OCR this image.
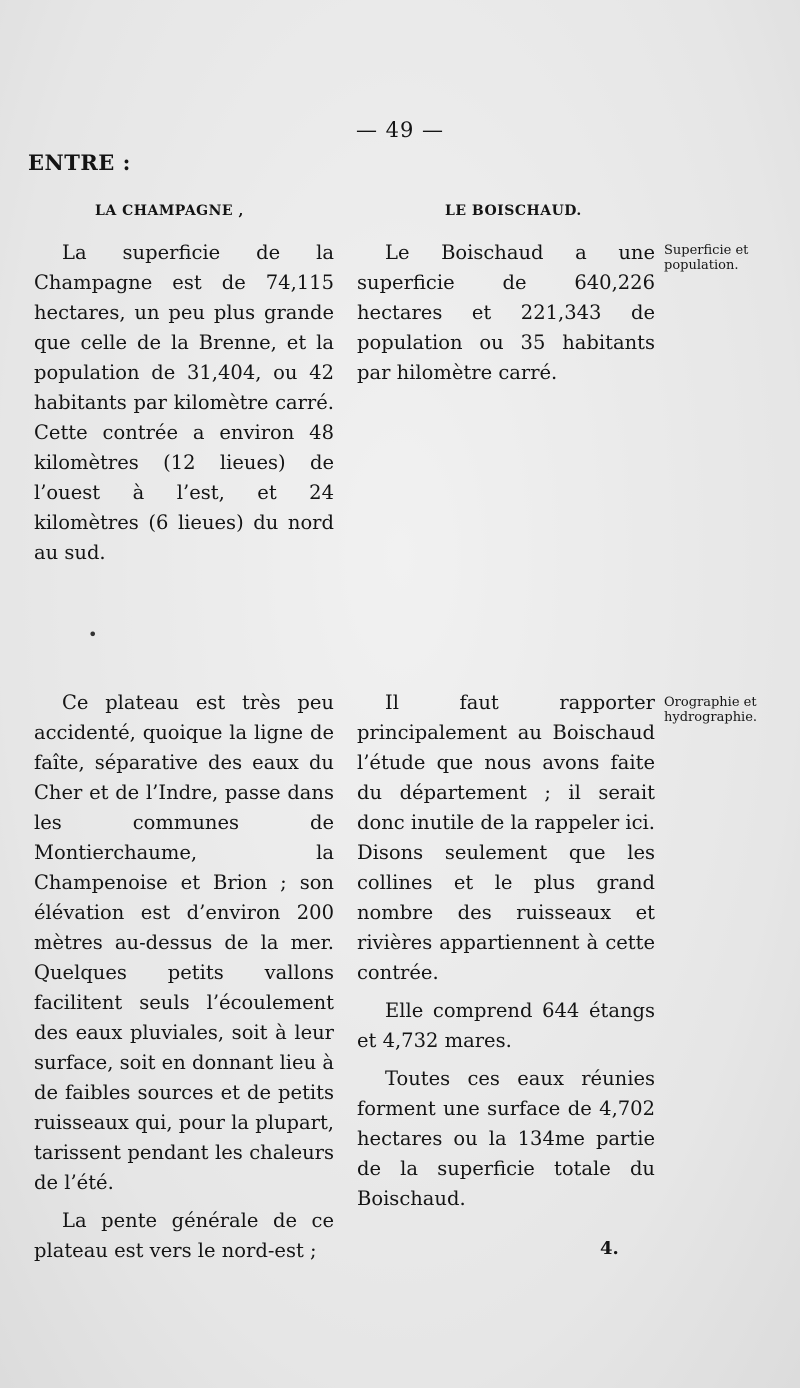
— 49 —
ENTRE :
LA CHAMPAGNE ,	LE BOISCHAUD.

La superficie de la Champagne est de 74,115 hectares, un peu plus grande que celle de la Brenne, et la population de 31,404, ou 42 habitants par kilomètre carré. Cette contrée a environ 48 kilomètres (12 lieues) de l’ouest à l’est, et 24 kilomètres (6 lieues) du nord au sud.

Le Boischaud a une superficie de 640,226 hectares et 221,343 de population ou 35 habitants par hilomètre carré.

Superficie et population.
•

Ce plateau est très peu accidenté, quoique la ligne de faîte, séparative des eaux du Cher et de l’Indre, passe dans les communes de Montierchaume, la Champenoise et Brion ; son élévation est d’environ 200 mètres au-dessus de la mer. Quelques petits vallons facilitent seuls l’écoulement des eaux pluviales, soit à leur surface, soit en donnant lieu à de faibles sources et de petits ruisseaux qui, pour la plupart, tarissent pendant les chaleurs de l’été.

La pente générale de ce plateau est vers le nord-est ;

Il faut rapporter principalement au Boischaud l’étude que nous avons faite du département ; il serait donc inutile de la rappeler ici. Disons seulement que les collines et le plus grand nombre des ruisseaux et rivières appartiennent à cette contrée.

Elle comprend 644 étangs et 4,732 mares.

Toutes ces eaux réunies forment une surface de 4,702 hectares ou la 134me partie de la superficie totale du Boischaud.

Orographie et hydrographie.
4.
